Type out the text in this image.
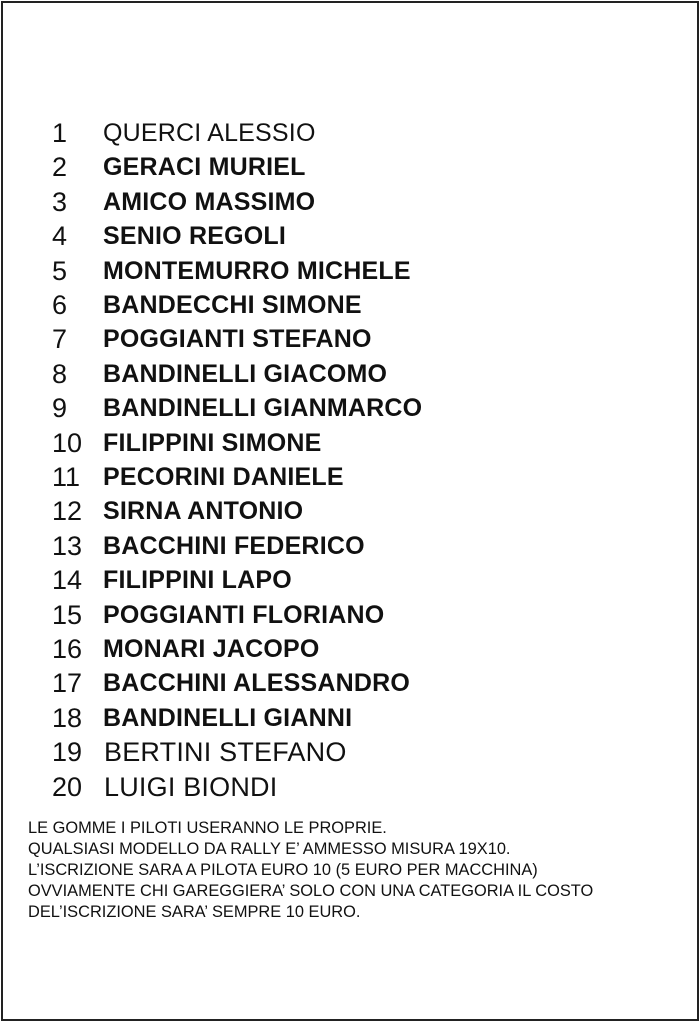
1 QUERCI ALESSIO
2 GERACI MURIEL
3 AMICO MASSIMO
4 SENIO REGOLI
5 MONTEMURRO MICHELE
6 BANDECCHI SIMONE
7 POGGIANTI STEFANO
8 BANDINELLI GIACOMO
9 BANDINELLI GIANMARCO
10 FILIPPINI SIMONE
11 PECORINI DANIELE
12 SIRNA ANTONIO
13 BACCHINI FEDERICO
14 FILIPPINI LAPO
15 POGGIANTI FLORIANO
16 MONARI JACOPO
17 BACCHINI ALESSANDRO
18 BANDINELLI GIANNI
19 BERTINI STEFANO
20 LUIGI BIONDI
LE GOMME I PILOTI USERANNO LE PROPRIE.
QUALSIASI MODELLO DA RALLY E’ AMMESSO MISURA 19X10.
L’ISCRIZIONE SARA A PILOTA EURO 10 (5 EURO PER MACCHINA)
OVVIAMENTE CHI GAREGGIERA’ SOLO CON UNA CATEGORIA IL COSTO
DEL’ISCRIZIONE SARA’ SEMPRE 10 EURO.
